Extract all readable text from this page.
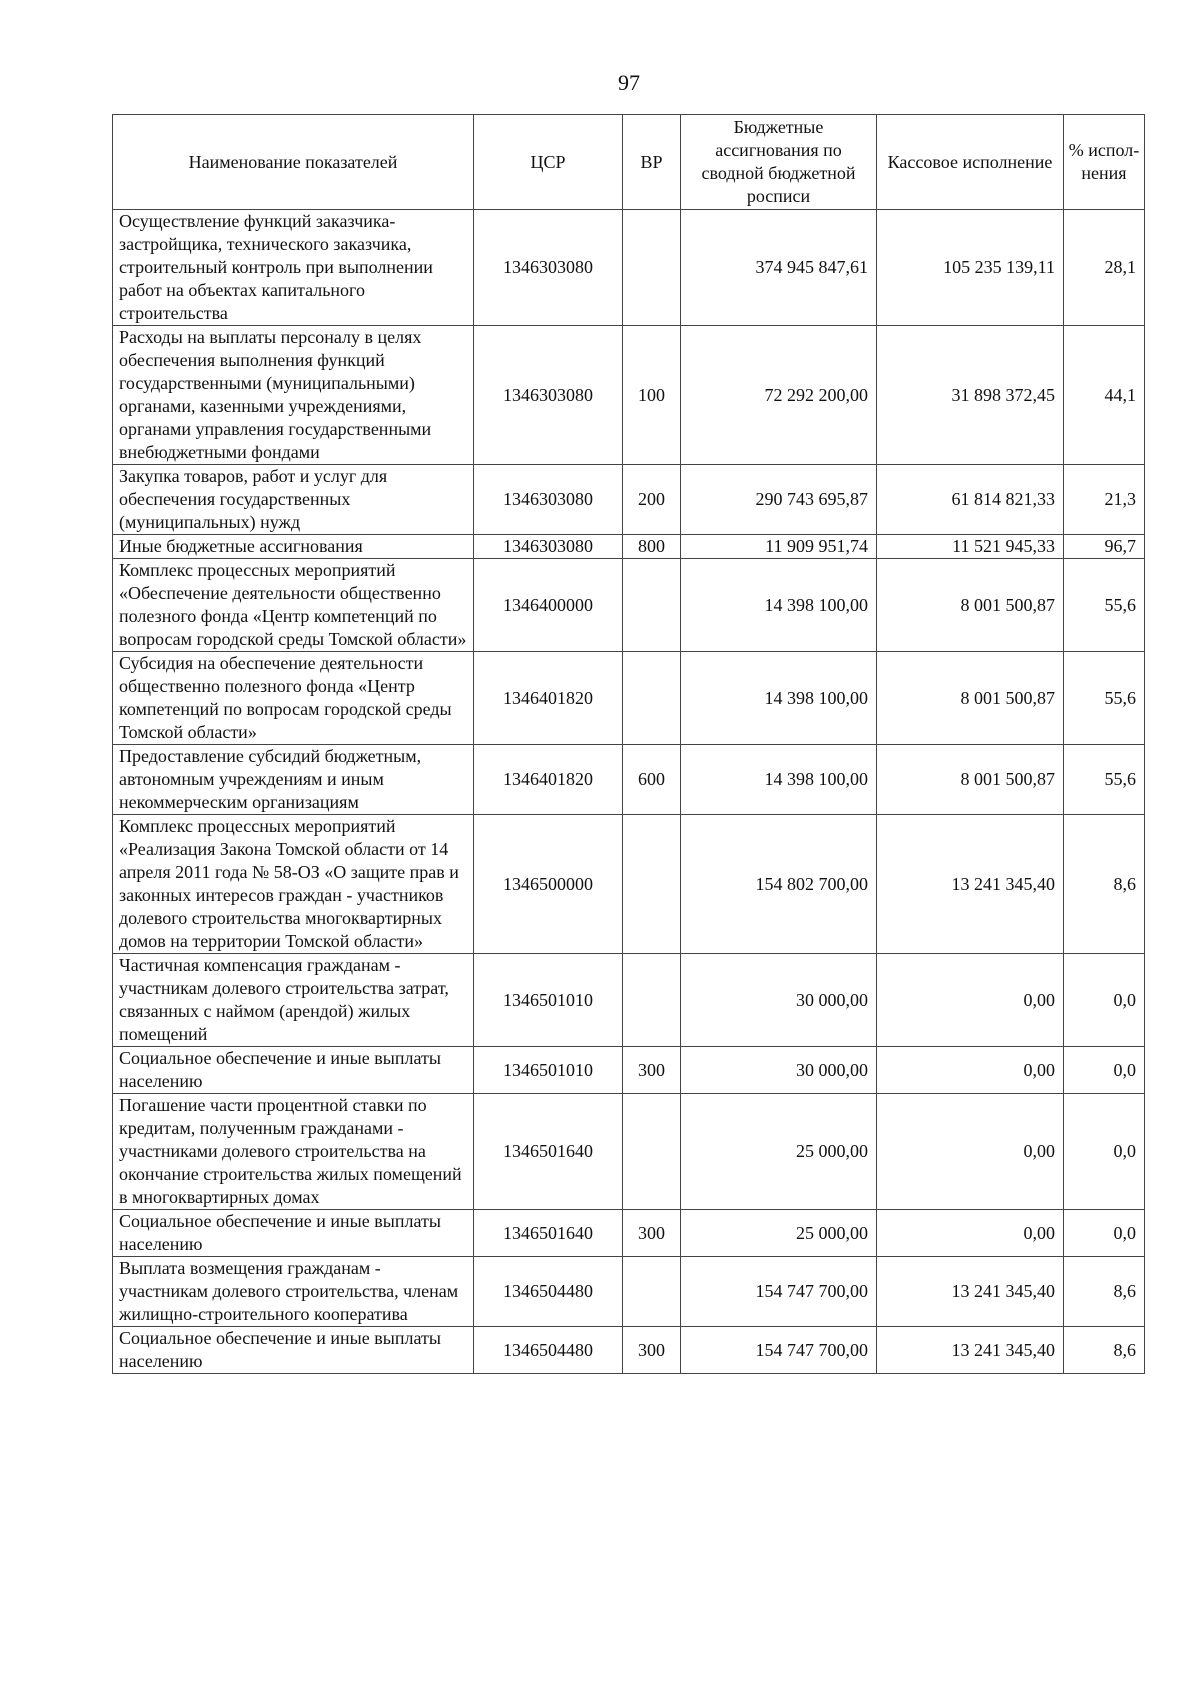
97
Наименование показателей	ЦСР	ВР	Бюджетные ассигнования по сводной бюджетной росписи	Кассовое исполнение	% испол-нения
Осуществление функций заказчика-застройщика, технического заказчика, строительный контроль при выполнении работ на объектах капитального строительства	1346303080		374 945 847,61	105 235 139,11	28,1
Расходы на выплаты персоналу в целях обеспечения выполнения функций государственными (муниципальными) органами, казенными учреждениями, органами управления государственными внебюджетными фондами	1346303080	100	72 292 200,00	31 898 372,45	44,1
Закупка товаров, работ и услуг для обеспечения государственных (муниципальных) нужд	1346303080	200	290 743 695,87	61 814 821,33	21,3
Иные бюджетные ассигнования	1346303080	800	11 909 951,74	11 521 945,33	96,7
Комплекс процессных мероприятий «Обеспечение деятельности общественно полезного фонда «Центр компетенций по вопросам городской среды Томской области»	1346400000		14 398 100,00	8 001 500,87	55,6
Субсидия на обеспечение деятельности общественно полезного фонда «Центр компетенций по вопросам городской среды Томской области»	1346401820		14 398 100,00	8 001 500,87	55,6
Предоставление субсидий бюджетным, автономным учреждениям и иным некоммерческим организациям	1346401820	600	14 398 100,00	8 001 500,87	55,6
Комплекс процессных мероприятий «Реализация Закона Томской области от 14 апреля 2011 года № 58-ОЗ «О защите прав и законных интересов граждан - участников долевого строительства многоквартирных домов на территории Томской области»	1346500000		154 802 700,00	13 241 345,40	8,6
Частичная компенсация гражданам - участникам долевого строительства затрат, связанных с наймом (арендой) жилых помещений	1346501010		30 000,00	0,00	0,0
Социальное обеспечение и иные выплаты населению	1346501010	300	30 000,00	0,00	0,0
Погашение части процентной ставки по кредитам, полученным гражданами - участниками долевого строительства на окончание строительства жилых помещений в многоквартирных домах	1346501640		25 000,00	0,00	0,0
Социальное обеспечение и иные выплаты населению	1346501640	300	25 000,00	0,00	0,0
Выплата возмещения гражданам - участникам долевого строительства, членам жилищно-строительного кооператива	1346504480		154 747 700,00	13 241 345,40	8,6
Социальное обеспечение и иные выплаты населению	1346504480	300	154 747 700,00	13 241 345,40	8,6
